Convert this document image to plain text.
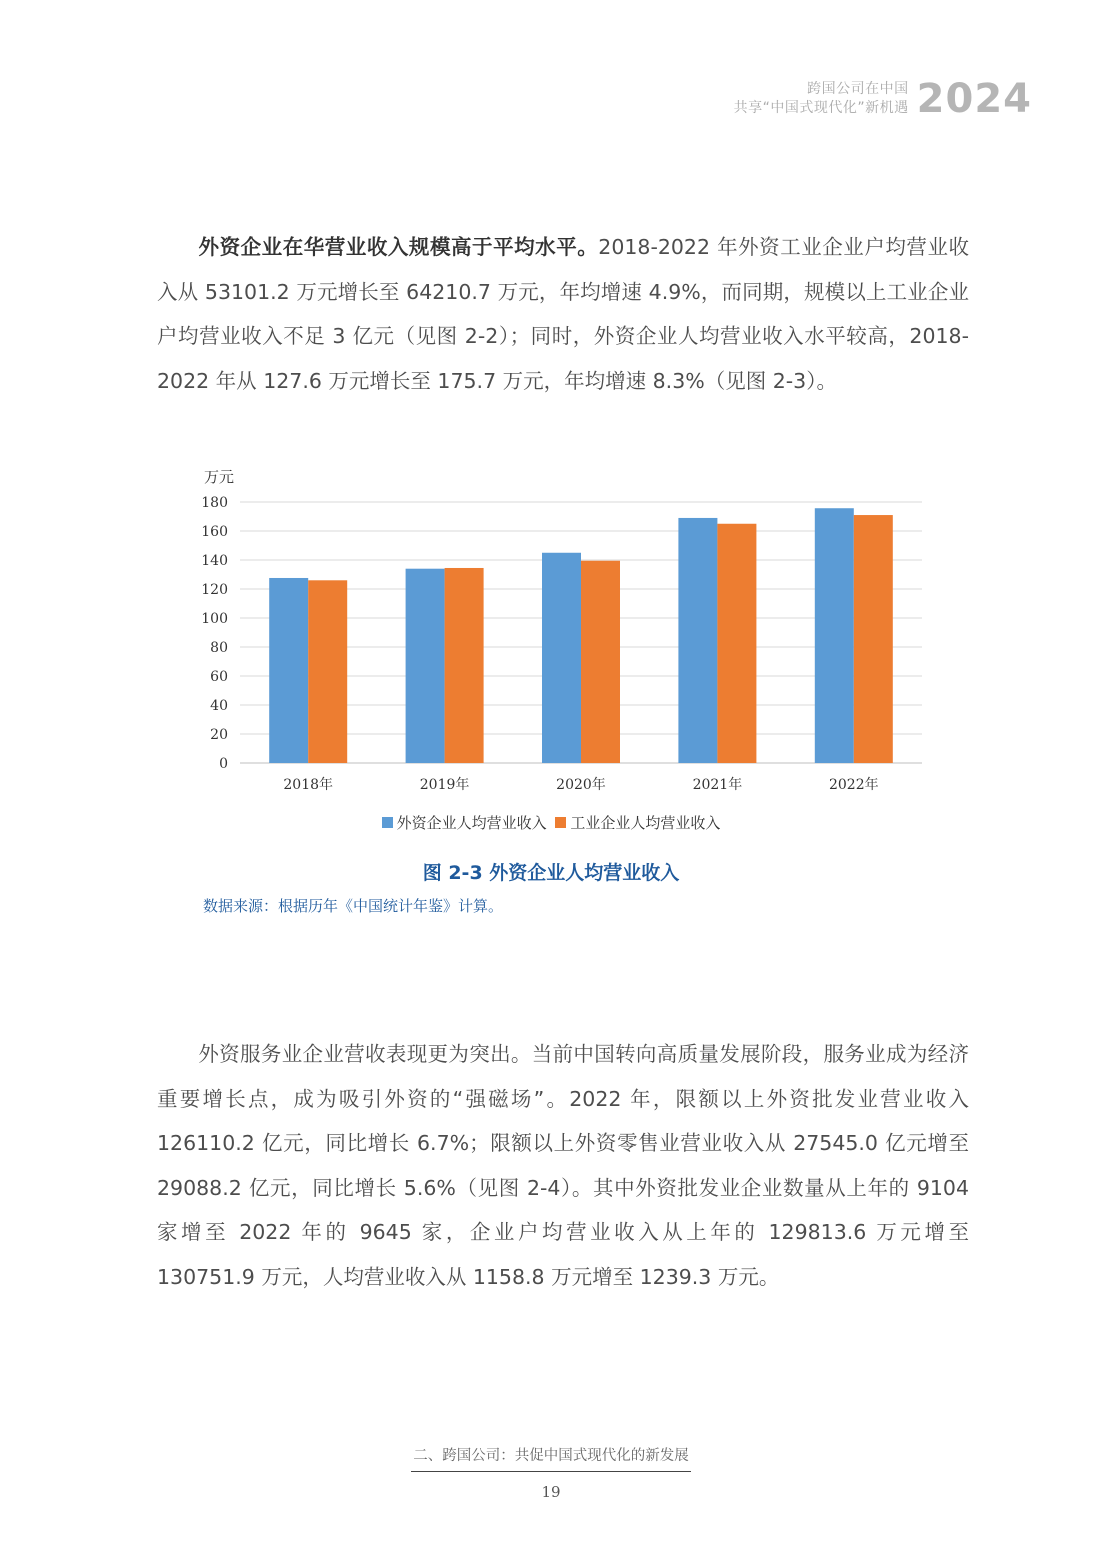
跨国公司在中国
共享“中国式现代化”新机遇 2024

外资企业在华营业收入规模高于平均水平。2018-2022 年外资工业企业户均营业收入从 53101.2 万元增长至 64210.7 万元，年均增速 4.9%，而同期，规模以上工业企业户均营业收入不足 3 亿元（见图 2-2）；同时，外资企业人均营业收入水平较高，2018-2022 年从 127.6 万元增长至 175.7 万元，年均增速 8.3%（见图 2-3）。

万元
0
20
40
60
80
100
120
140
160
180
2018年	2019年	2020年	2021年	2022年
外资企业人均营业收入
工业企业人均营业收入
图 2-3 外资企业人均营业收入
数据来源：根据历年《中国统计年鉴》计算。

外资服务业企业营收表现更为突出。当前中国转向高质量发展阶段，服务业成为经济重要增长点，成为吸引外资的“强磁场”。2022 年，限额以上外资批发业营业收入 126110.2 亿元，同比增长 6.7%；限额以上外资零售业营业收入从 27545.0 亿元增至 29088.2 亿元，同比增长 5.6%（见图 2-4）。其中外资批发业企业数量从上年的 9104 家增至 2022 年的 9645 家，企业户均营业收入从上年的 129813.6 万元增至 130751.9 万元，人均营业收入从 1158.8 万元增至 1239.3 万元。

二、跨国公司：共促中国式现代化的新发展
19
